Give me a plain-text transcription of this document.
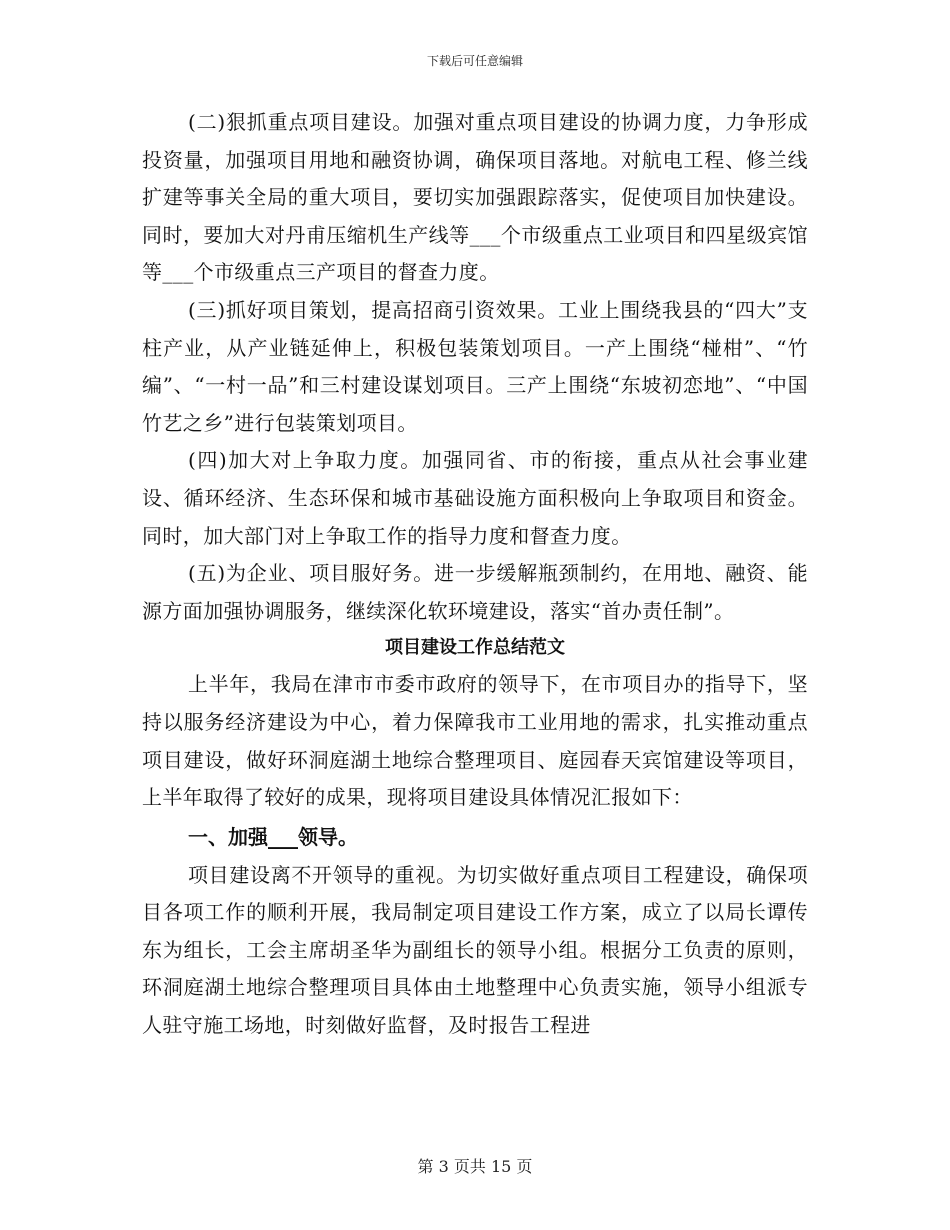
下载后可任意编辑

(二)狠抓重点项目建设。加强对重点项目建设的协调力度，力争形成投资量，加强项目用地和融资协调，确保项目落地。对航电工程、修兰线扩建等事关全局的重大项目，要切实加强跟踪落实，促使项目加快建设。同时，要加大对丹甫压缩机生产线等___个市级重点工业项目和四星级宾馆等___个市级重点三产项目的督查力度。

(三)抓好项目策划，提高招商引资效果。工业上围绕我县的“四大”支柱产业，从产业链延伸上，积极包装策划项目。一产上围绕“椪柑”、“竹编”、“一村一品”和三村建设谋划项目。三产上围绕“东坡初恋地”、“中国竹艺之乡”进行包装策划项目。

(四)加大对上争取力度。加强同省、市的衔接，重点从社会事业建设、循环经济、生态环保和城市基础设施方面积极向上争取项目和资金。同时，加大部门对上争取工作的指导力度和督查力度。

(五)为企业、项目服好务。进一步缓解瓶颈制约，在用地、融资、能源方面加强协调服务，继续深化软环境建设，落实“首办责任制”。

项目建设工作总结范文

上半年，我局在津市市委市政府的领导下，在市项目办的指导下，坚持以服务经济建设为中心，着力保障我市工业用地的需求，扎实推动重点项目建设，做好环洞庭湖土地综合整理项目、庭园春天宾馆建设等项目，上半年取得了较好的成果，现将项目建设具体情况汇报如下：

一、加强___领导。

项目建设离不开领导的重视。为切实做好重点项目工程建设，确保项目各项工作的顺利开展，我局制定项目建设工作方案，成立了以局长谭传东为组长，工会主席胡圣华为副组长的领导小组。根据分工负责的原则，环洞庭湖土地综合整理项目具体由土地整理中心负责实施，领导小组派专人驻守施工场地，时刻做好监督，及时报告工程进

第 3 页共 15 页
